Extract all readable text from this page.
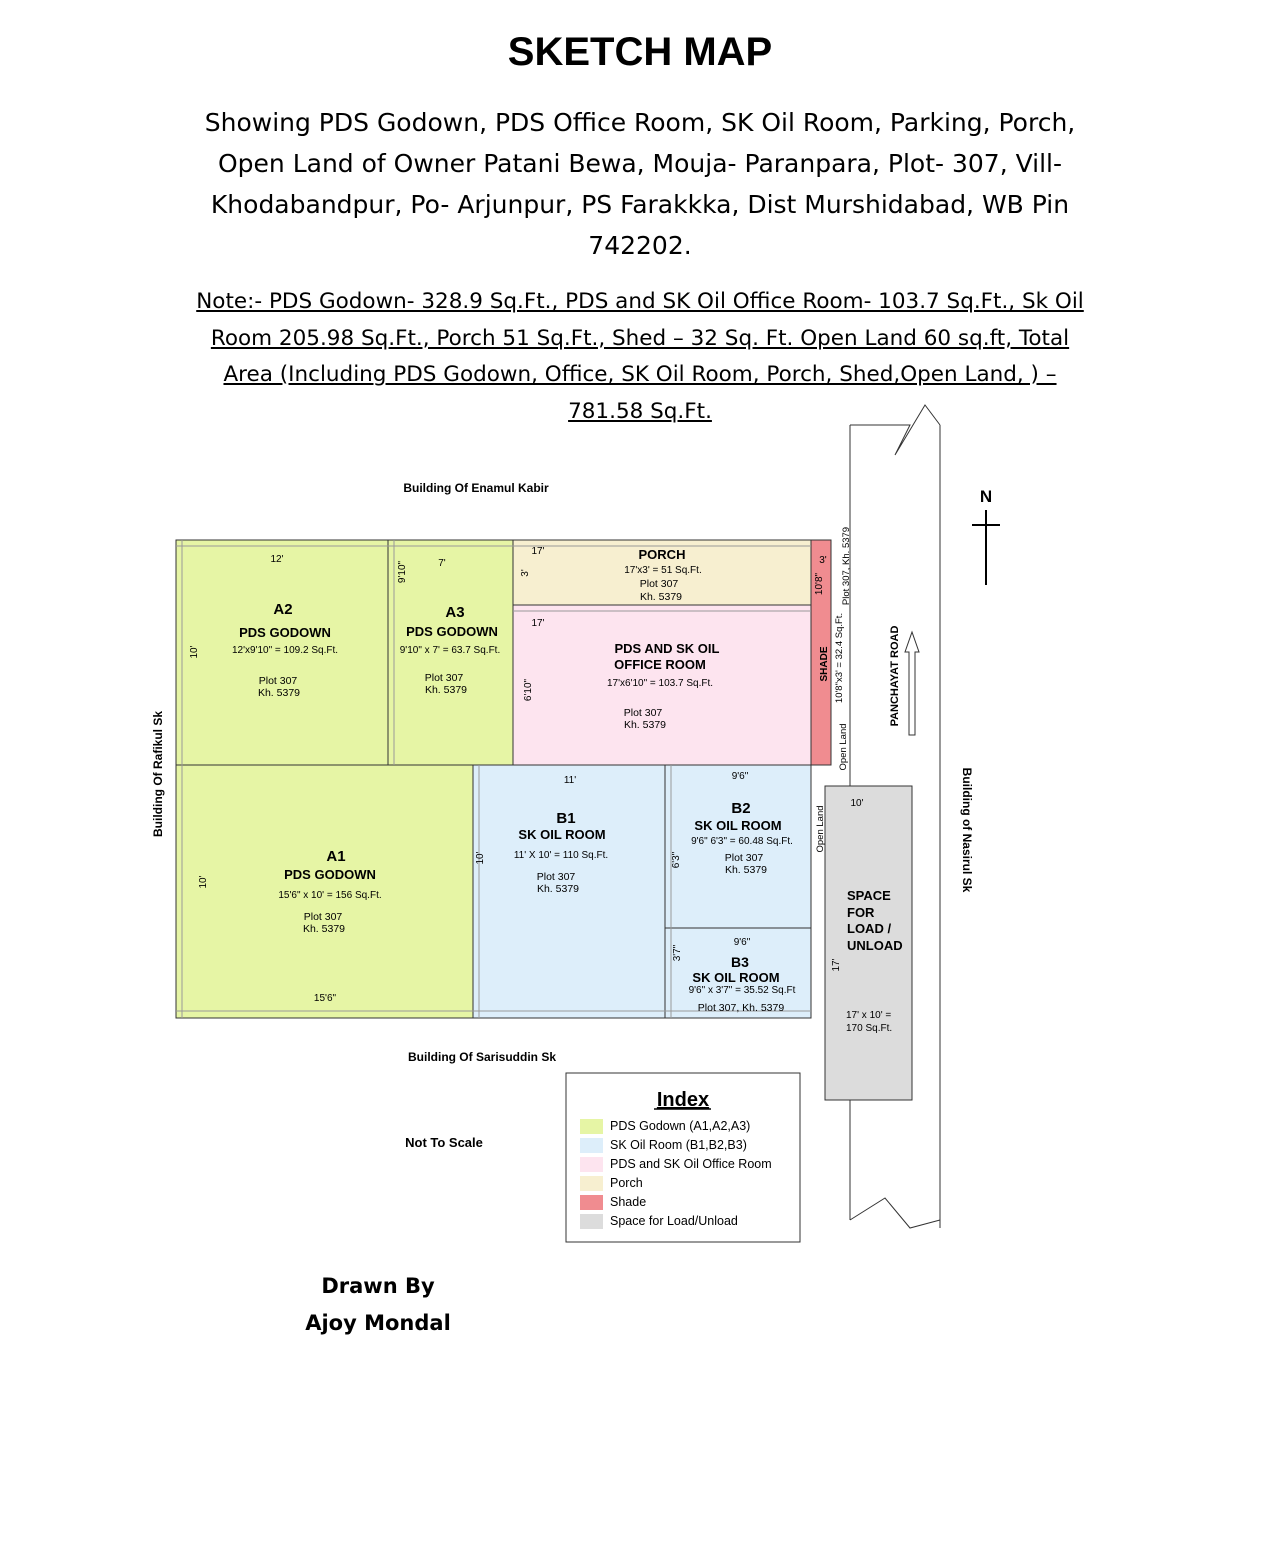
SKETCH MAP
Showing PDS Godown, PDS Office Room, SK Oil Room, Parking, Porch, Open Land of Owner Patani Bewa, Mouja- Paranpara, Plot- 307, Vill-Khodabandpur, Po- Arjunpur, PS Farakkka, Dist Murshidabad, WB Pin 742202.
Note:- PDS Godown- 328.9 Sq.Ft., PDS and SK Oil Office Room- 103.7 Sq.Ft., Sk Oil Room 205.98 Sq.Ft., Porch 51 Sq.Ft., Shed – 32 Sq. Ft. Open Land 60 sq.ft, Total Area (Including PDS Godown, Office, SK Oil Room, Porch, Shed,Open Land, ) – 781.58 Sq.Ft.
Building Of Enamul Kabir
Building Of Sarisuddin Sk
Building Of Rafikul Sk	Building of Nasirul Sk
PANCHAYAT ROAD
N
12'
10'
A2
PDS GODOWN
12'x9'10" = 109.2 Sq.Ft.
Plot 307
Kh. 5379
7'
9'10"
A3
PDS GODOWN
9'10" x 7' = 63.7 Sq.Ft.
Plot 307
Kh. 5379
17'
3'
PORCH
17'x3' = 51 Sq.Ft.
Plot 307
Kh. 5379
17'
6'10"
PDS AND SK OIL
OFFICE ROOM
17'x6'10" = 103.7 Sq.Ft.
Plot 307
Kh. 5379
3'
10'8"
SHADE 10'8"x3' = 32.4 Sq.Ft.
Plot 307, Kh. 5379
Open Land
Open Land
10'
A1
PDS GODOWN
15'6" x 10' = 156 Sq.Ft.
Plot 307
Kh. 5379
15'6"
11'
10'
B1
SK OIL ROOM
11' X 10' = 110 Sq.Ft.
Plot 307
Kh. 5379
9'6"
6'3"
B2
SK OIL ROOM
9'6" 6'3" = 60.48 Sq.Ft.
Plot 307
Kh. 5379
9'6"
3'7"
B3
SK OIL ROOM
9'6" x 3'7" = 35.52 Sq.Ft
Plot 307, Kh. 5379
10'
17'
SPACE
FOR
LOAD /
UNLOAD
17' x 10' =
170 Sq.Ft.
Not To Scale
Index
PDS Godown (A1,A2,A3)
SK Oil Room (B1,B2,B3)
PDS and SK Oil Office Room
Porch
Shade
Space for Load/Unload
Drawn By
Ajoy Mondal
